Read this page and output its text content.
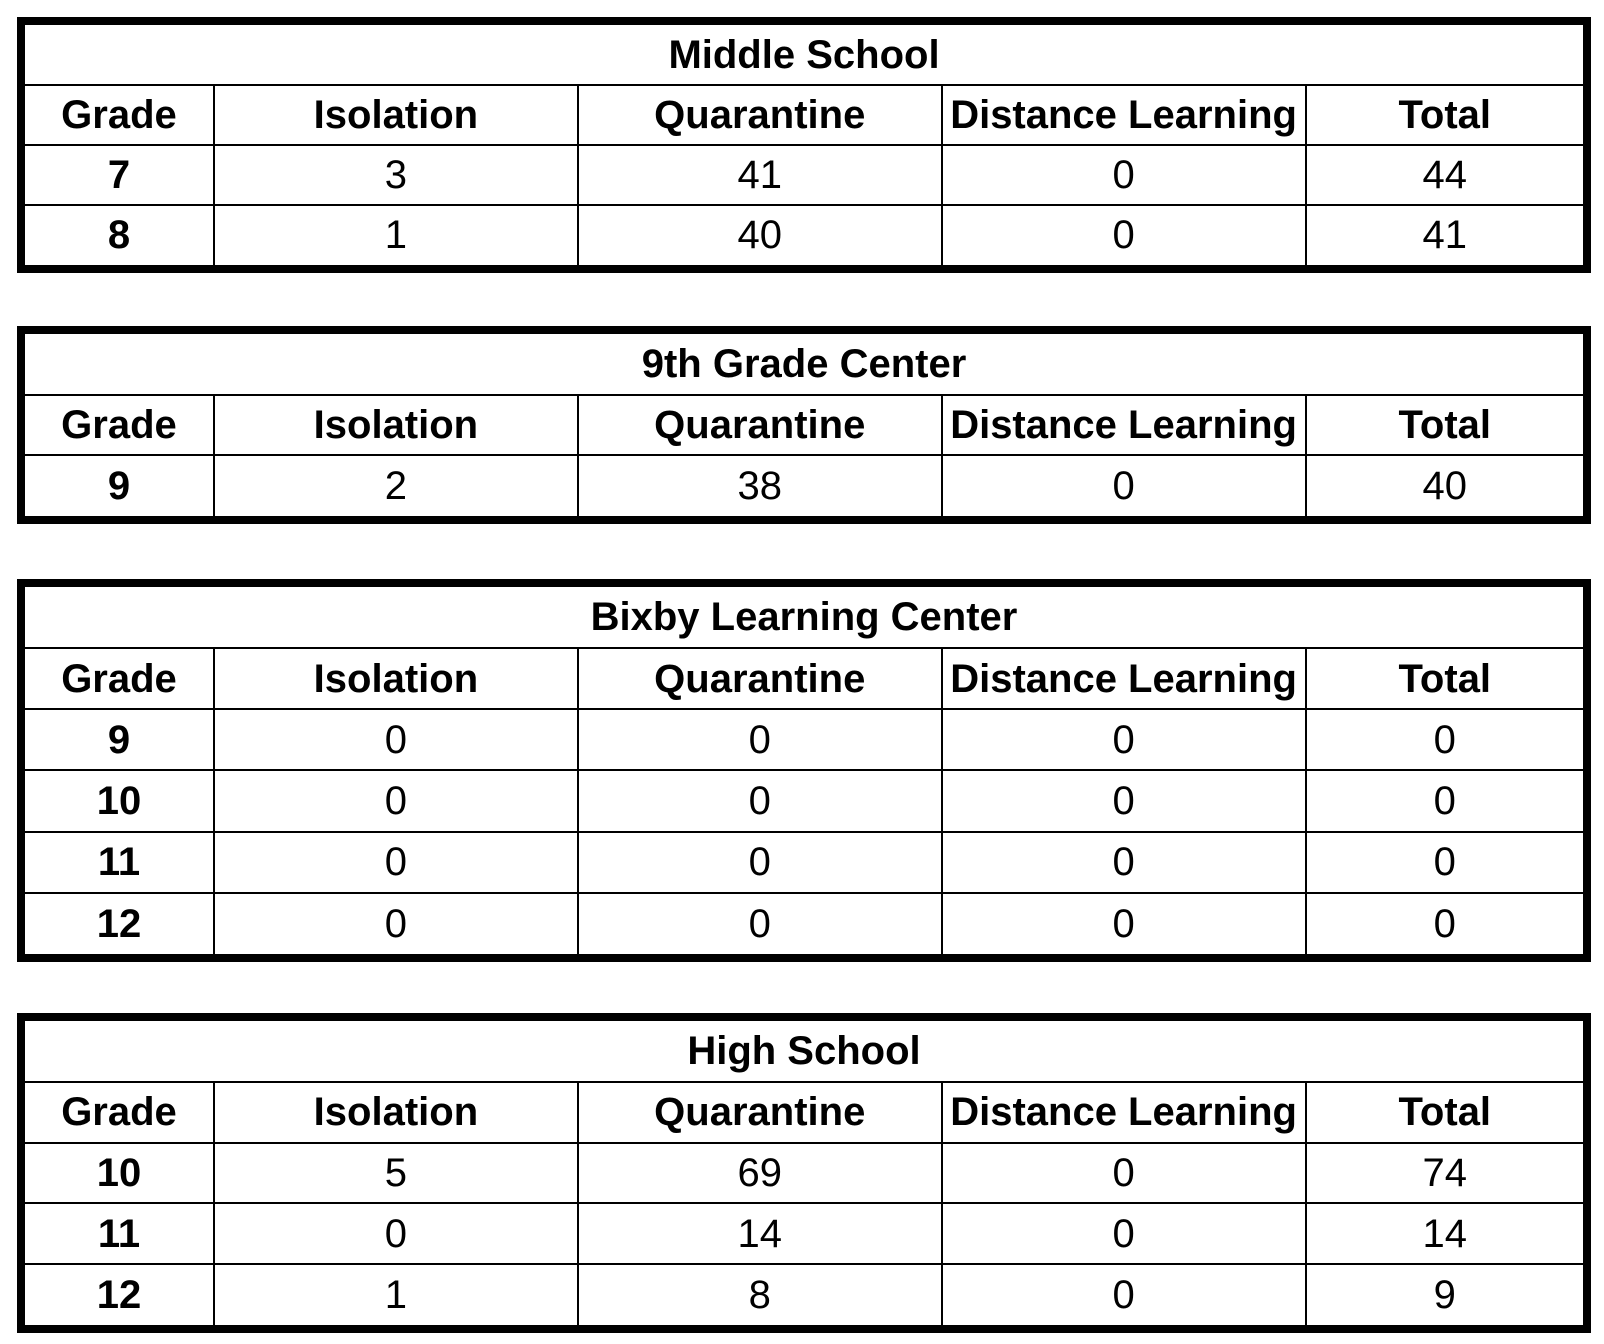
Middle School				
Grade	Isolation	Quarantine	Distance Learning	Total
7	3	41	0	44
8	1	40	0	41
9th Grade Center				
Grade	Isolation	Quarantine	Distance Learning	Total
9	2	38	0	40
Bixby Learning Center				
Grade	Isolation	Quarantine	Distance Learning	Total
9	0	0	0	0
10	0	0	0	0
11	0	0	0	0
12	0	0	0	0
High School				
Grade	Isolation	Quarantine	Distance Learning	Total
10	5	69	0	74
11	0	14	0	14
12	1	8	0	9
